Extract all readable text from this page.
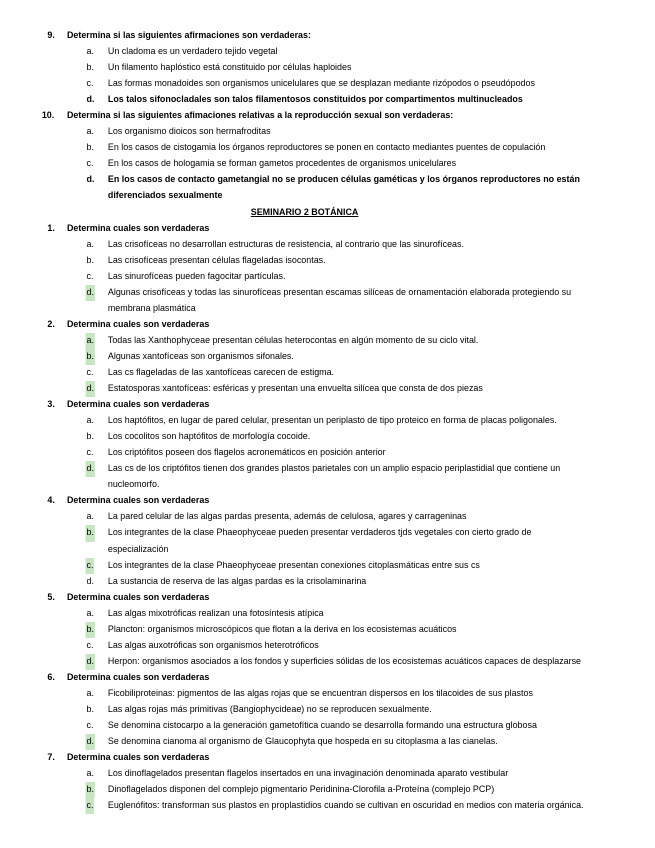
9. Determina si las siguientes afirmaciones son verdaderas:
a. Un cladoma es un verdadero tejido vegetal
b. Un filamento haplóstico está constituido por células haploides
c. Las formas monadoides son organismos unicelulares que se desplazan mediante rizópodos o pseudópodos
d. Los talos sifonocladales son talos filamentosos constituidos por compartimentos multinucleados
10. Determina si las siguientes afimaciones relativas a la reproducción sexual son verdaderas:
a. Los organismo dioicos son hermafroditas
b. En los casos de cistogamia los órganos reproductores se ponen en contacto mediantes puentes de copulación
c. En los casos de hologamia se forman gametos procedentes de organismos unicelulares
d. En los casos de contacto gametangial no se producen células gaméticas y los órganos reproductores no están
diferenciados sexualmente
SEMINARIO 2 BOTÁNICA
1. Determina cuales son verdaderas
a. Las crisofíceas no desarrollan estructuras de resistencia, al contrario que las sinurofíceas.
b. Las crisofíceas presentan células flageladas isocontas.
c. Las sinurofíceas pueden fagocitar partículas.
d. Algunas crisofíceas y todas las sinurofíceas presentan escamas silíceas de ornamentación elaborada protegiendo su
membrana plasmática
2. Determina cuales son verdaderas
a. Todas las Xanthophyceae presentan células heterocontas en algún momento de su ciclo vital.
b. Algunas xantofíceas son organismos sifonales.
c. Las cs flageladas de las xantofíceas carecen de estigma.
d. Estatosporas xantofíceas: esféricas y presentan una envuelta silícea que consta de dos piezas
3. Determina cuales son verdaderas
a. Los haptófitos, en lugar de pared celular, presentan un periplasto de tipo proteico en forma de placas poligonales.
b. Los cocolitos son haptófitos de morfología cocoide.
c. Los criptófitos poseen dos flagelos acronemáticos en posición anterior
d. Las cs de los criptófitos tienen dos grandes plastos parietales con un amplio espacio periplastidial que contiene un
nucleomorfo.
4. Determina cuales son verdaderas
a. La pared celular de las algas pardas presenta, además de celulosa, agares y carrageninas
b. Los integrantes de la clase Phaeophyceae pueden presentar verdaderos tjds vegetales con cierto grado de
especialización
c. Los integrantes de la clase Phaeophyceae presentan conexiones citoplasmáticas entre sus cs
d. La sustancia de reserva de las algas pardas es la crisolaminarina
5. Determina cuales son verdaderas
a. Las algas mixotróficas realizan una fotosíntesis atípica
b. Plancton: organismos microscópicos que flotan a la deriva en los ecosistemas acuáticos
c. Las algas auxotróficas son organismos heterotróficos
d. Herpon: organismos asociados a los fondos y superficies sólidas de los ecosistemas acuáticos capaces de desplazarse
6. Determina cuales son verdaderas
a. Ficobiliproteinas: pigmentos de las algas rojas que se encuentran dispersos en los tilacoides de sus plastos
b. Las algas rojas más primitivas (Bangiophycideae) no se reproducen sexualmente.
c. Se denomina cistocarpo a la generación gametofítica cuando se desarrolla formando una estructura globosa
d. Se denomina cianoma al organismo de Glaucophyta que hospeda en su citoplasma a las cianelas.
7. Determina cuales son verdaderas
a. Los dinoflagelados presentan flagelos insertados en una invaginación denominada aparato vestibular
b. Dinoflagelados disponen del complejo pigmentario Peridinina-Clorofila a-Proteína (complejo PCP)
c. Euglenófitos: transforman sus plastos en proplastidios cuando se cultivan en oscuridad en medios con materia orgánica.
